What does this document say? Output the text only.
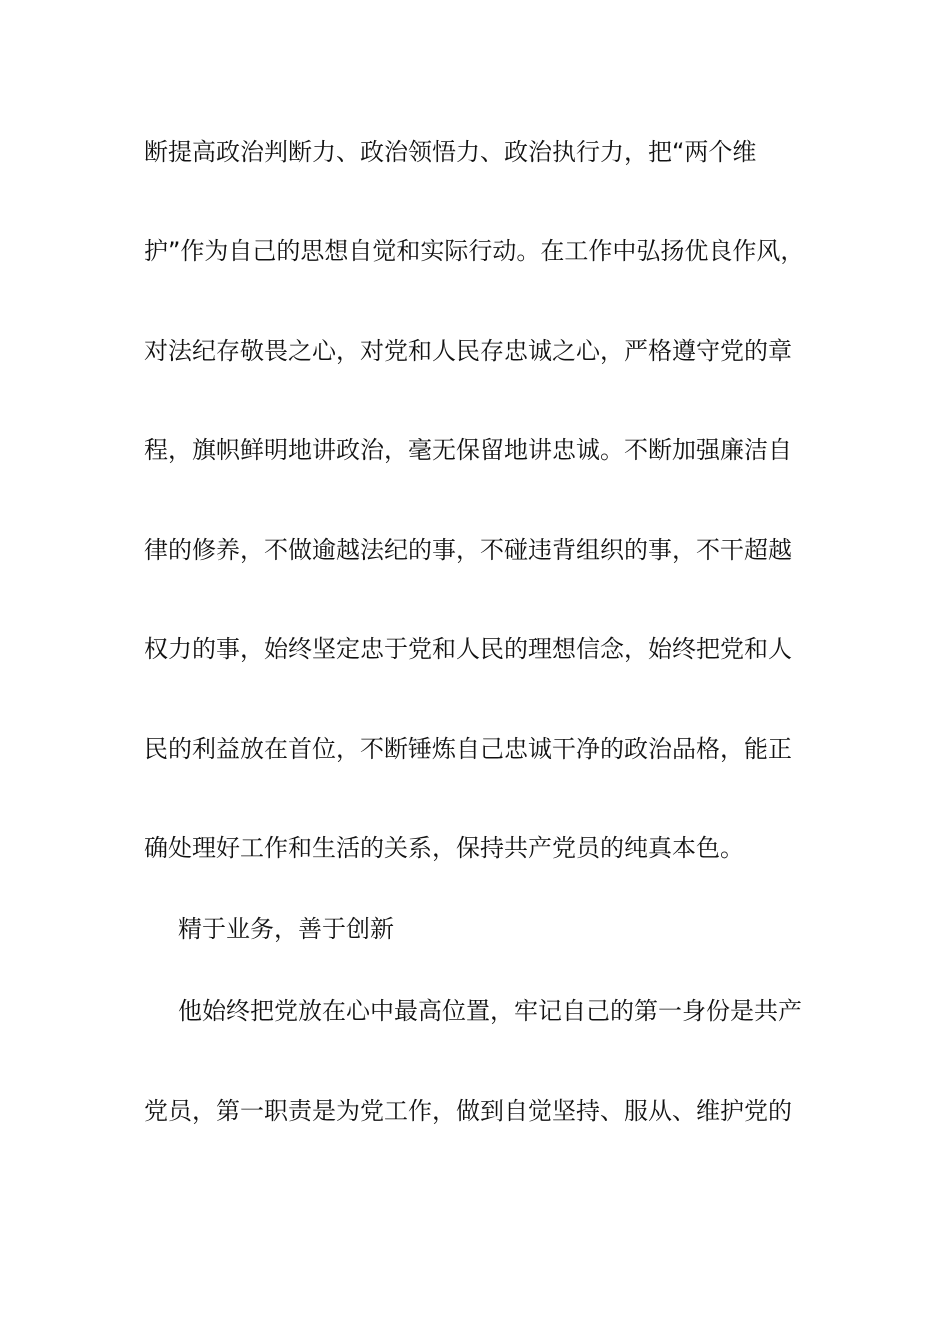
断提高政治判断力、政治领悟力、政治执行力，把“两个维
护”作为自己的思想自觉和实际行动。在工作中弘扬优良作风，
对法纪存敬畏之心，对党和人民存忠诚之心，严格遵守党的章
程，旗帜鲜明地讲政治，毫无保留地讲忠诚。不断加强廉洁自
律的修养，不做逾越法纪的事，不碰违背组织的事，不干超越
权力的事，始终坚定忠于党和人民的理想信念，始终把党和人
民的利益放在首位，不断锤炼自己忠诚干净的政治品格，能正
确处理好工作和生活的关系，保持共产党员的纯真本色。
精于业务，善于创新
他始终把党放在心中最高位置，牢记自己的第一身份是共产
党员，第一职责是为党工作，做到自觉坚持、服从、维护党的
